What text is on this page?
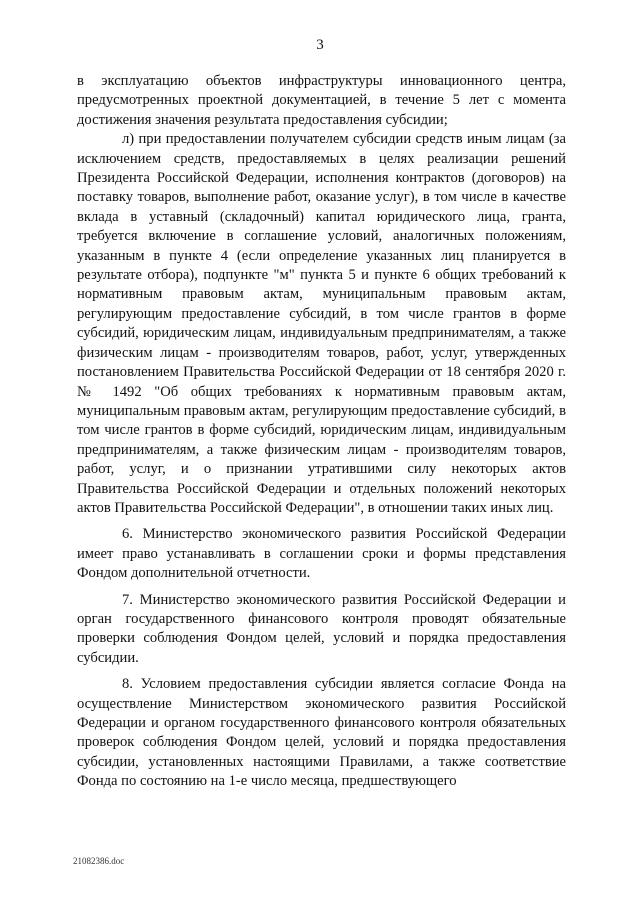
3

в эксплуатацию объектов инфраструктуры инновационного центра, предусмотренных проектной документацией, в течение 5 лет с момента достижения значения результата предоставления субсидии;

л) при предоставлении получателем субсидии средств иным лицам (за исключением средств, предоставляемых в целях реализации решений Президента Российской Федерации, исполнения контрактов (договоров) на поставку товаров, выполнение работ, оказание услуг), в том числе в качестве вклада в уставный (складочный) капитал юридического лица, гранта, требуется включение в соглашение условий, аналогичных положениям, указанным в пункте 4 (если определение указанных лиц планируется в результате отбора), подпункте "м" пункта 5 и пункте 6 общих требований к нормативным правовым актам, муниципальным правовым актам, регулирующим предоставление субсидий, в том числе грантов в форме субсидий, юридическим лицам, индивидуальным предпринимателям, а также физическим лицам - производителям товаров, работ, услуг, утвержденных постановлением Правительства Российской Федерации от 18 сентября 2020 г. № 1492 "Об общих требованиях к нормативным правовым актам, муниципальным правовым актам, регулирующим предоставление субсидий, в том числе грантов в форме субсидий, юридическим лицам, индивидуальным предпринимателям, а также физическим лицам - производителям товаров, работ, услуг, и о признании утратившими силу некоторых актов Правительства Российской Федерации и отдельных положений некоторых актов Правительства Российской Федерации", в отношении таких иных лиц.

6. Министерство экономического развития Российской Федерации имеет право устанавливать в соглашении сроки и формы представления Фондом дополнительной отчетности.

7. Министерство экономического развития Российской Федерации и орган государственного финансового контроля проводят обязательные проверки соблюдения Фондом целей, условий и порядка предоставления субсидии.

8. Условием предоставления субсидии является согласие Фонда на осуществление Министерством экономического развития Российской Федерации и органом государственного финансового контроля обязательных проверок соблюдения Фондом целей, условий и порядка предоставления субсидии, установленных настоящими Правилами, а также соответствие Фонда по состоянию на 1-е число месяца, предшествующего

21082386.doc
